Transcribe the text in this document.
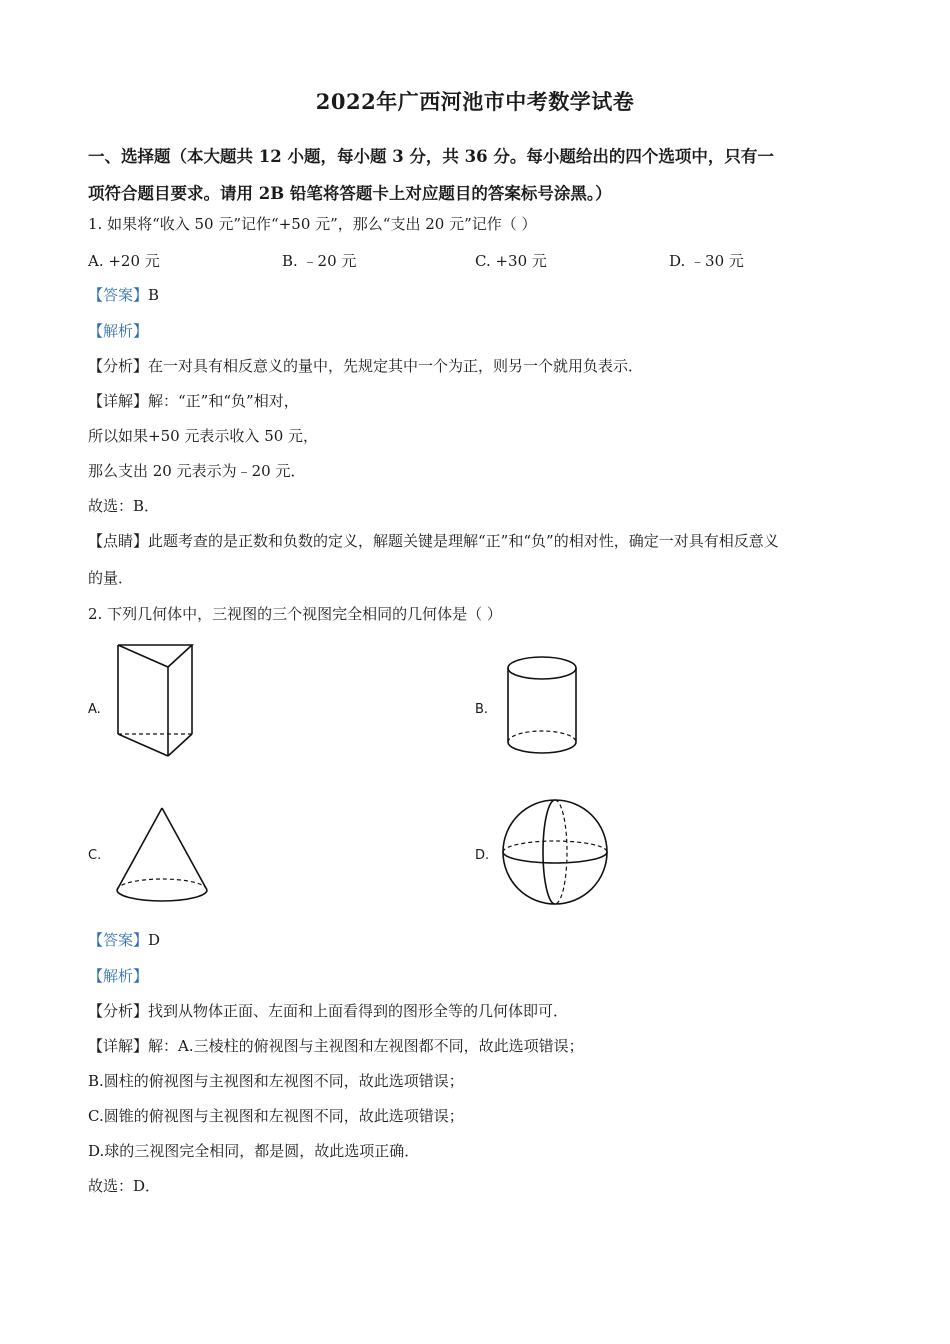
2022年广西河池市中考数学试卷
一、选择题（本大题共 12 小题，每小题 3 分，共 36 分。每小题给出的四个选项中，只有一
项符合题目要求。请用 2B 铅笔将答题卡上对应题目的答案标号涂黑。）
1. 如果将“收入 50 元”记作“+50 元”，那么“支出 20 元”记作（ ）
A. +20 元	B. ﹣20 元	C. +30 元	D. ﹣30 元
【答案】B
【解析】
【分析】在一对具有相反意义的量中，先规定其中一个为正，则另一个就用负表示．
【详解】解：“正”和“负”相对，
所以如果+50 元表示收入 50 元，
那么支出 20 元表示为﹣20 元．
故选：B．
【点睛】此题考查的是正数和负数的定义，解题关键是理解“正”和“负”的相对性，确定一对具有相反意义
的量．
2. 下列几何体中，三视图的三个视图完全相同的几何体是（ ）
A.	B.
C.	D.
【答案】D
【解析】
【分析】找到从物体正面、左面和上面看得到的图形全等的几何体即可．
【详解】解：A.三棱柱的俯视图与主视图和左视图都不同，故此选项错误；
B.圆柱的俯视图与主视图和左视图不同，故此选项错误；
C.圆锥的俯视图与主视图和左视图不同，故此选项错误；
D.球的三视图完全相同，都是圆，故此选项正确．
故选：D．
